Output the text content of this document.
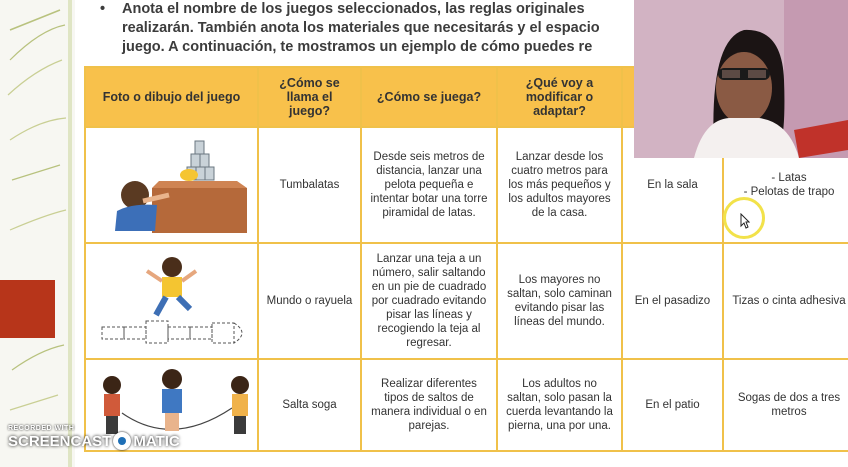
• Anota el nombre de los juegos seleccionados, las reglas originales
realizarán. También anota los materiales que necesitarás y el espacio
juego. A continuación, te mostramos un ejemplo de cómo puedes re
Foto o dibujo del juego	¿Cómo se llama el juego?	¿Cómo se juega?	¿Qué voy a modificar o adaptar?		
	Tumbalatas	Desde seis metros de distancia, lanzar una pelota pequeña e intentar botar una torre piramidal de latas.	Lanzar desde los cuatro metros para los más pequeños y los adultos mayores de la casa.	En la sala	- Latas
- Pelotas de trapo

	Mundo o rayuela	Lanzar una teja a un número, salir saltando en un pie de cuadrado por cuadrado evitando pisar las líneas y recogiendo la teja al regresar.	Los mayores no saltan, solo caminan evitando pisar las líneas del mundo.	En el pasadizo	Tizas o cinta adhesiva
	Salta soga	Realizar diferentes tipos de saltos de manera individual o en parejas.	Los adultos no saltan, solo pasan la cuerda levantando la pierna, una por una.	En el patio	Sogas de dos a tres metros
RECORDED WITH
SCREENCAST MATIC
